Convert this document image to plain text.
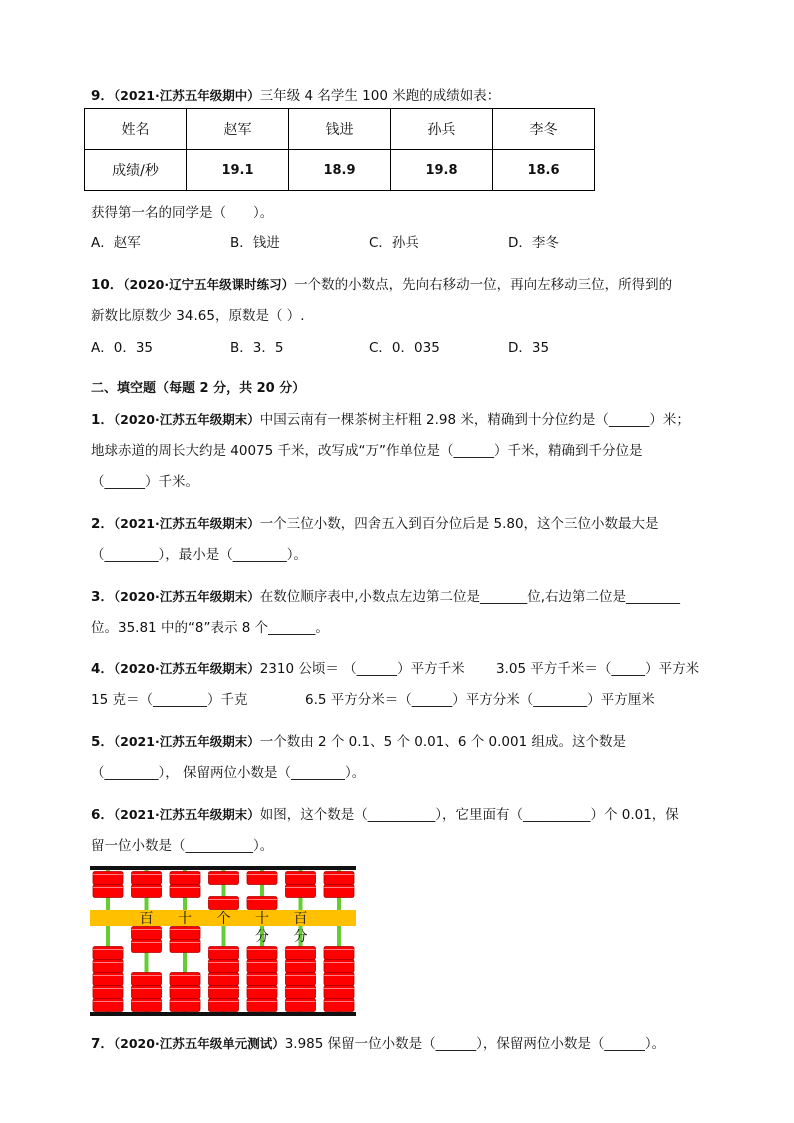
9．（2021·江苏五年级期中）三年级 4 名学生 100 米跑的成绩如表：
姓名	赵军	钱进	孙兵	李冬
成绩/秒	19.1	18.9	19.8	18.6
获得第一名的同学是（　　）。
A．赵军	B．钱进	C．孙兵	D．李冬
10．（2020·辽宁五年级课时练习）一个数的小数点，先向右移动一位，再向左移动三位，所得到的
新数比原数少 34.65，原数是（ ）.
A．0．35	B．3．5	C．0．035	D．35
二、填空题（每题 2 分，共 20 分）
1．（2020·江苏五年级期末）中国云南有一棵茶树主杆粗 2.98 米，精确到十分位约是（______）米；
地球赤道的周长大约是 40075 千米，改写成“万”作单位是（______）千米，精确到千分位是
（______）千米。
2．（2021·江苏五年级期末）一个三位小数，四舍五入到百分位后是 5.80，这个三位小数最大是
（________），最小是（________）。
3．（2020·江苏五年级期末）在数位顺序表中,小数点左边第二位是_______位,右边第二位是________
位。35.81 中的“8”表示 8 个_______。
4．（2020·江苏五年级期末）2310 公顷＝ （______）平方千米 3.05 平方千米＝（_____）平方米
15 克＝（________）千克	6.5 平方分米＝（______）平方分米（________）平方厘米
5．（2021·江苏五年级期末）一个数由 2 个 0.1、5 个 0.01、6 个 0.001 组成。这个数是
（________）， 保留两位小数是（________）。
6．（2021·江苏五年级期末）如图，这个数是（__________），它里面有（__________）个 0.01，保
留一位小数是（__________）。
百 十 个 十
分
百
分
7．（2020·江苏五年级单元测试）3.985 保留一位小数是（______），保留两位小数是（______）。
